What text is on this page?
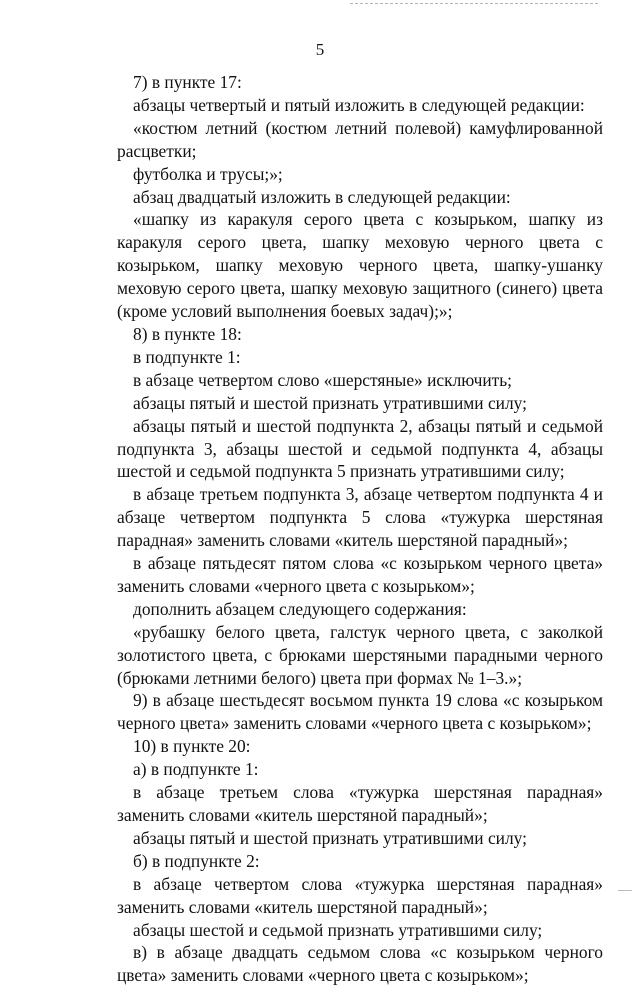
5

7) в пункте 17:

абзацы четвертый и пятый изложить в следующей редакции:

«костюм летний (костюм летний полевой) камуфлированной расцветки;

футболка и трусы;»;

абзац двадцатый изложить в следующей редакции:

«шапку из каракуля серого цвета с козырьком, шапку из каракуля серого цвета, шапку меховую черного цвета с козырьком, шапку меховую черного цвета, шапку-ушанку меховую серого цвета, шапку меховую защитного (синего) цвета (кроме условий выполнения боевых задач);»;

8) в пункте 18:

в подпункте 1:

в абзаце четвертом слово «шерстяные» исключить;

абзацы пятый и шестой признать утратившими силу;

абзацы пятый и шестой подпункта 2, абзацы пятый и седьмой подпункта 3, абзацы шестой и седьмой подпункта 4, абзацы шестой и седьмой подпункта 5 признать утратившими силу;

в абзаце третьем подпункта 3, абзаце четвертом подпункта 4 и абзаце четвертом подпункта 5 слова «тужурка шерстяная парадная» заменить словами «китель шерстяной парадный»;

в абзаце пятьдесят пятом слова «с козырьком черного цвета» заменить словами «черного цвета с козырьком»;

дополнить абзацем следующего содержания:

«рубашку белого цвета, галстук черного цвета, с заколкой золотистого цвета, с брюками шерстяными парадными черного (брюками летними белого) цвета при формах № 1–3.»;

9) в абзаце шестьдесят восьмом пункта 19 слова «с козырьком черного цвета» заменить словами «черного цвета с козырьком»;

10) в пункте 20:

а) в подпункте 1:

в абзаце третьем слова «тужурка шерстяная парадная» заменить словами «китель шерстяной парадный»;

абзацы пятый и шестой признать утратившими силу;

б) в подпункте 2:

в абзаце четвертом слова «тужурка шерстяная парадная» заменить словами «китель шерстяной парадный»;

абзацы шестой и седьмой признать утратившими силу;

в) в абзаце двадцать седьмом слова «с козырьком черного цвета» заменить словами «черного цвета с козырьком»;
